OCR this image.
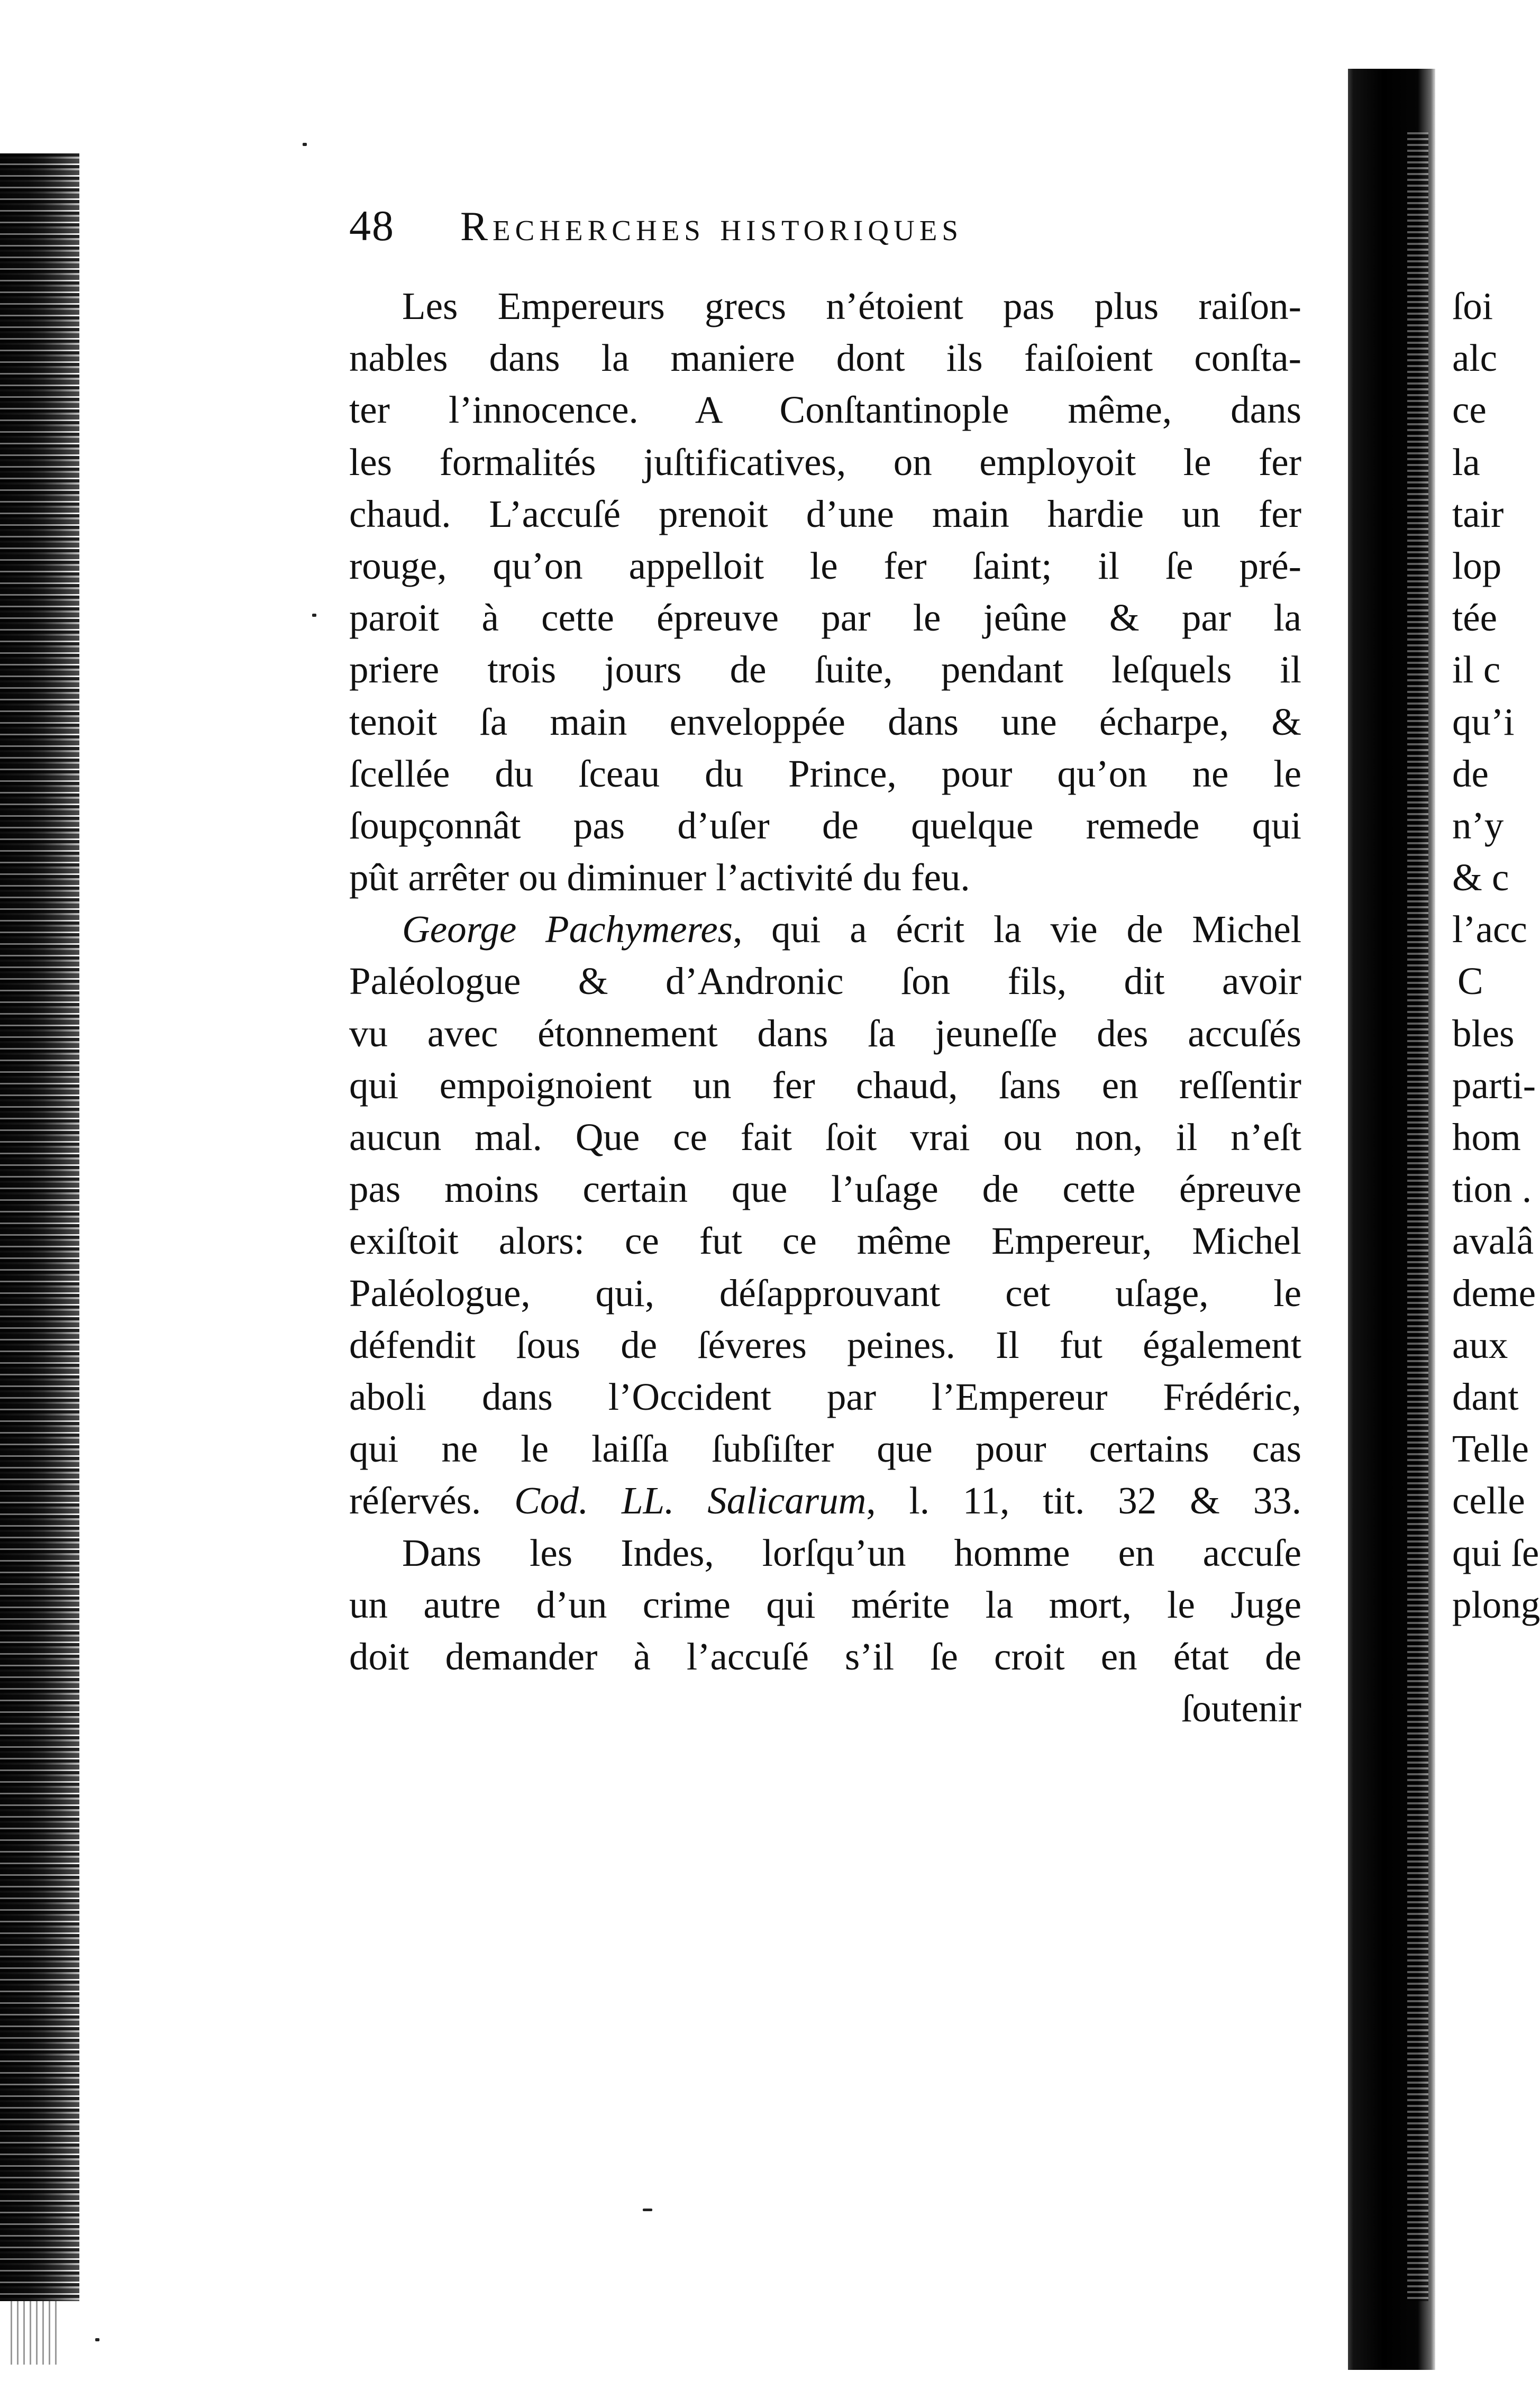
48 Recherches historiques
Les Empereurs grecs n’étoient pas plus raiſon-
nables dans la maniere dont ils faiſoient conſta-
ter l’innocence. A Conſtantinople même, dans
les formalités juſtificatives, on employoit le fer
chaud. L’accuſé prenoit d’une main hardie un fer
rouge, qu’on appelloit le fer ſaint; il ſe pré-
paroit à cette épreuve par le jeûne & par la
priere trois jours de ſuite, pendant leſquels il
tenoit ſa main enveloppée dans une écharpe, &
ſcellée du ſceau du Prince, pour qu’on ne le
ſoupçonnât pas d’uſer de quelque remede qui
pût arrêter ou diminuer l’activité du feu.
George Pachymeres, qui a écrit la vie de Michel
Paléologue & d’Andronic ſon fils, dit avoir
vu avec étonnement dans ſa jeuneſſe des accuſés
qui empoignoient un fer chaud, ſans en reſſentir
aucun mal. Que ce fait ſoit vrai ou non, il n’eſt
pas moins certain que l’uſage de cette épreuve
exiſtoit alors: ce fut ce même Empereur, Michel
Paléologue, qui, déſapprouvant cet uſage, le
défendit ſous de ſéveres peines. Il fut également
aboli dans l’Occident par l’Empereur Frédéric,
qui ne le laiſſa ſubſiſter que pour certains cas
réſervés. Cod. LL. Salicarum, l. 11, tit. 32 & 33.
Dans les Indes, lorſqu’un homme en accuſe
un autre d’un crime qui mérite la mort, le Juge
doit demander à l’accuſé s’il ſe croit en état de
ſoutenir
ſoi
alc
ce
la
tair
lop
tée
il c
qu’i
de
n’y
& c
l’acc
C
bles
parti-
hom
tion .
avalâ
deme
aux
dant
Telle
celle
qui ſe
plong
